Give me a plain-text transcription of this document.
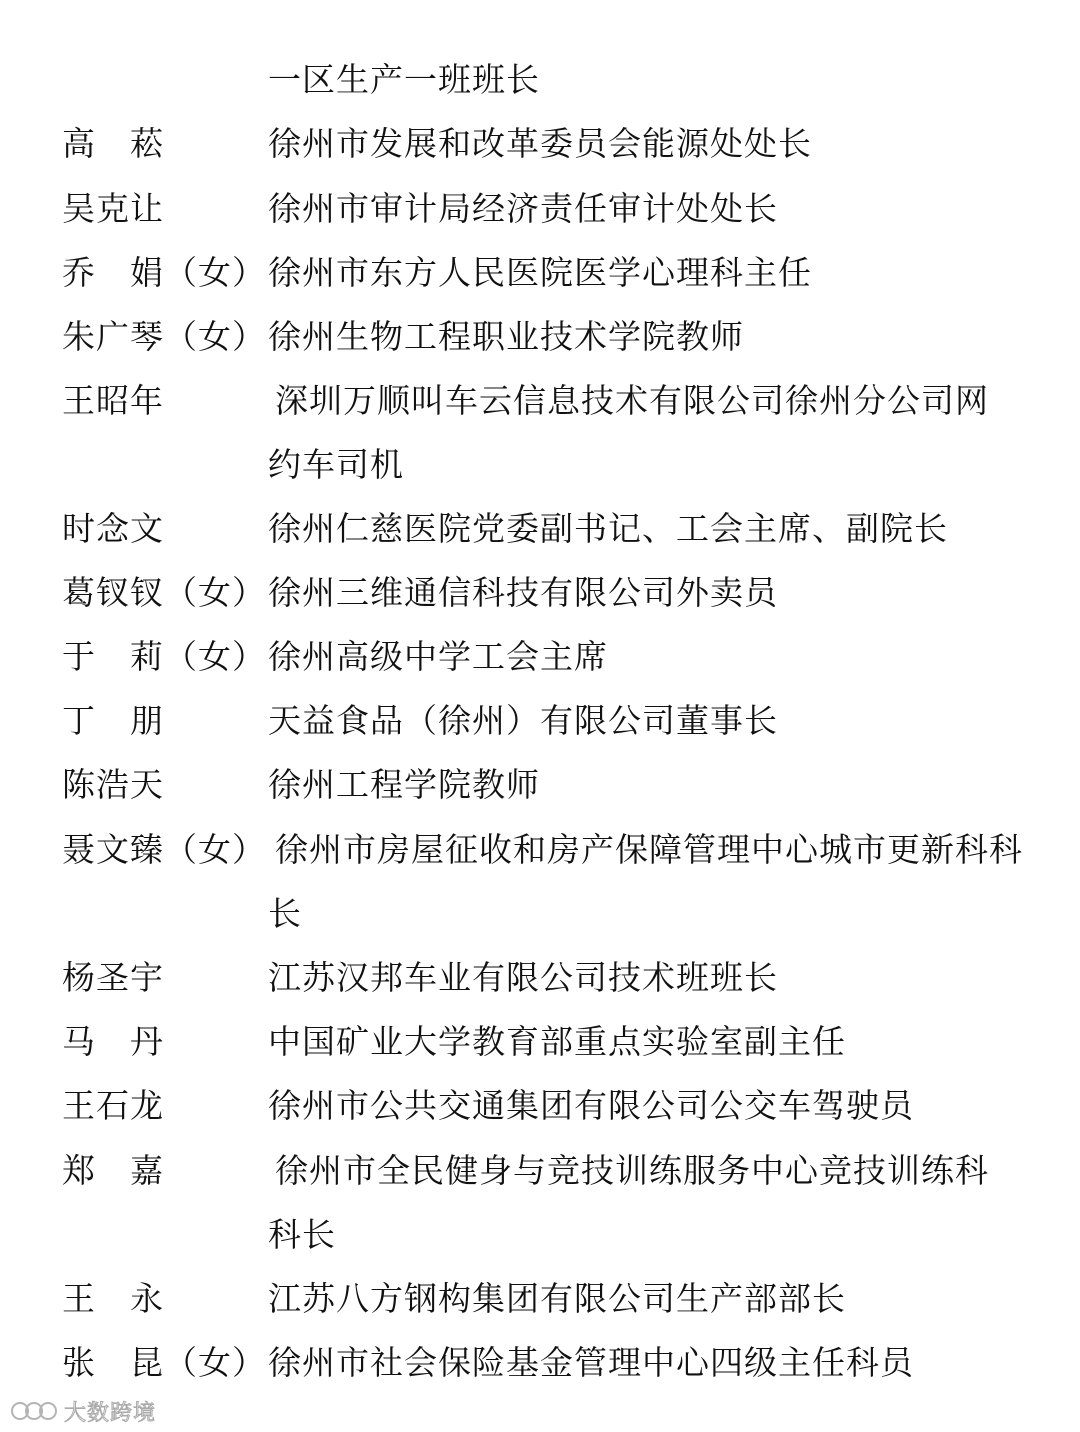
一区生产一班班长
高　菘	徐州市发展和改革委员会能源处处长
吴克让	徐州市审计局经济责任审计处处长
乔　娟（女） 徐州市东方人民医院医学心理科主任
朱广琴（女） 徐州生物工程职业技术学院教师
王昭年	深圳万顺叫车云信息技术有限公司徐州分公司网
约车司机
时念文	徐州仁慈医院党委副书记、工会主席、副院长
葛钗钗（女） 徐州三维通信科技有限公司外卖员
于　莉（女） 徐州高级中学工会主席
丁　朋	天益食品（徐州）有限公司董事长
陈浩天	徐州工程学院教师
聂文臻（女） 徐州市房屋征收和房产保障管理中心城市更新科科
长
杨圣宇	江苏汉邦车业有限公司技术班班长
马　丹	中国矿业大学教育部重点实验室副主任
王石龙	徐州市公共交通集团有限公司公交车驾驶员
郑　嘉	徐州市全民健身与竞技训练服务中心竞技训练科
科长
王　永	江苏八方钢构集团有限公司生产部部长
张　昆（女） 徐州市社会保险基金管理中心四级主任科员
大数跨境
